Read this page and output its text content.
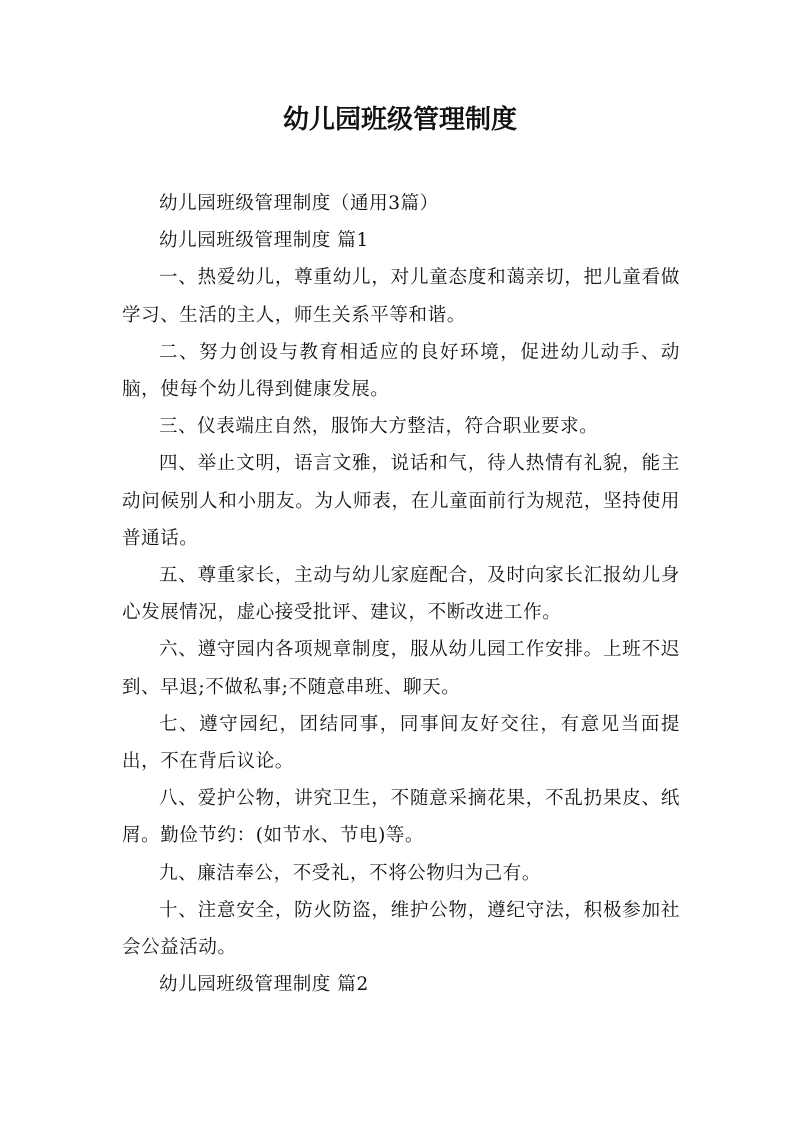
幼儿园班级管理制度

幼儿园班级管理制度（通用3篇）

幼儿园班级管理制度 篇1

一、热爱幼儿，尊重幼儿，对儿童态度和蔼亲切，把儿童看做学习、生活的主人，师生关系平等和谐。

二、努力创设与教育相适应的良好环境，促进幼儿动手、动脑，使每个幼儿得到健康发展。

三、仪表端庄自然，服饰大方整洁，符合职业要求。

四、举止文明，语言文雅，说话和气，待人热情有礼貌，能主动问候别人和小朋友。为人师表，在儿童面前行为规范，坚持使用普通话。

五、尊重家长，主动与幼儿家庭配合，及时向家长汇报幼儿身心发展情况，虚心接受批评、建议，不断改进工作。

六、遵守园内各项规章制度，服从幼儿园工作安排。上班不迟到、早退;不做私事;不随意串班、聊天。

七、遵守园纪，团结同事，同事间友好交往，有意见当面提出，不在背后议论。

八、爱护公物，讲究卫生，不随意采摘花果，不乱扔果皮、纸屑。勤俭节约：(如节水、节电)等。

九、廉洁奉公，不受礼，不将公物归为己有。

十、注意安全，防火防盗，维护公物，遵纪守法，积极参加社会公益活动。

幼儿园班级管理制度 篇2
